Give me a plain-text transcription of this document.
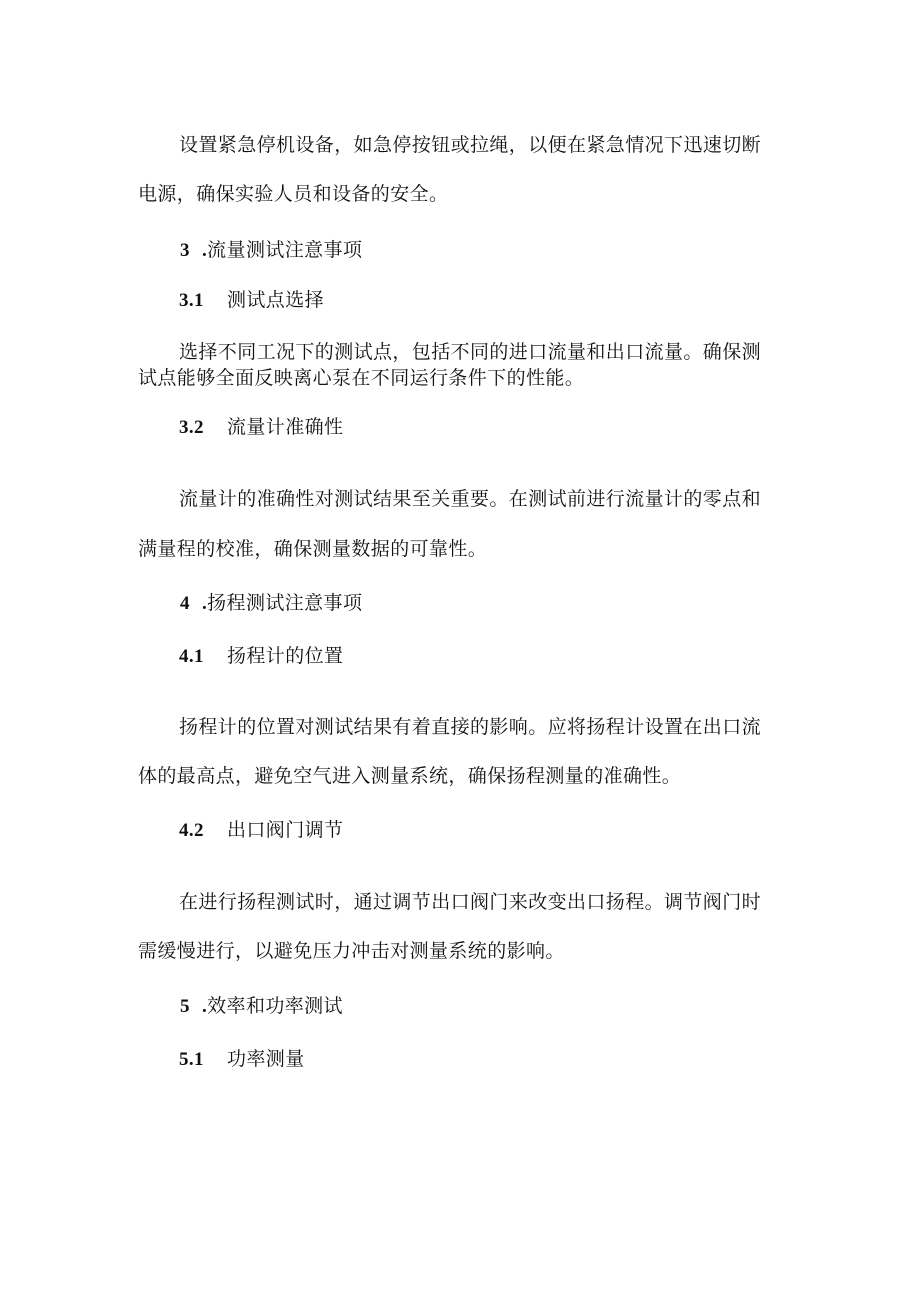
设置紧急停机设备，如急停按钮或拉绳，以便在紧急情况下迅速切断
电源，确保实验人员和设备的安全。
3 .流量测试注意事项
3.1 测试点选择
选择不同工况下的测试点，包括不同的进口流量和出口流量。确保测
试点能够全面反映离心泵在不同运行条件下的性能。
3.2 流量计准确性
流量计的准确性对测试结果至关重要。在测试前进行流量计的零点和
满量程的校准，确保测量数据的可靠性。
4 .扬程测试注意事项
4.1 扬程计的位置
扬程计的位置对测试结果有着直接的影响。应将扬程计设置在出口流
体的最高点，避免空气进入测量系统，确保扬程测量的准确性。
4.2 出口阀门调节
在进行扬程测试时，通过调节出口阀门来改变出口扬程。调节阀门时
需缓慢进行，以避免压力冲击对测量系统的影响。
5 .效率和功率测试
5.1 功率测量
